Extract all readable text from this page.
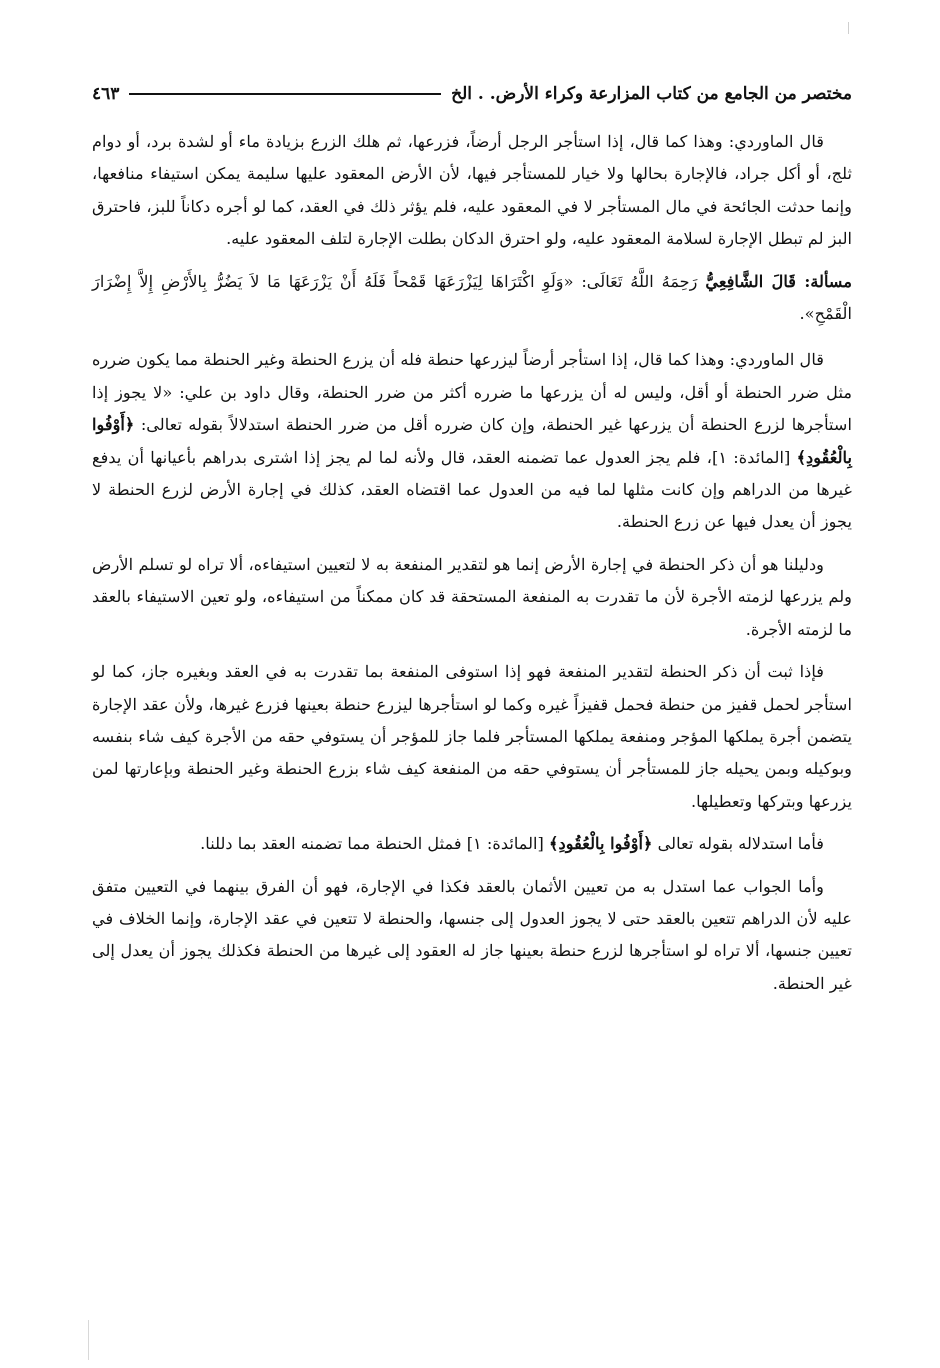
مختصر من الجامع من كتاب المزارعة وكراء الأرض. . الخ
٤٦٣

قال الماوردي: وهذا كما قال، إذا استأجر الرجل أرضاً، فزرعها، ثم هلك الزرع بزيادة ماء أو لشدة برد، أو دوام ثلج، أو أكل جراد، فالإجارة بحالها ولا خيار للمستأجر فيها، لأن الأرض المعقود عليها سليمة يمكن استيفاء منافعها، وإنما حدثت الجائحة في مال المستأجر لا في المعقود عليه، فلم يؤثر ذلك في العقد، كما لو أجره دكاناً للبز، فاحترق البز لم تبطل الإجارة لسلامة المعقود عليه، ولو احترق الدكان بطلت الإجارة لتلف المعقود عليه.

مسألة: قَالَ الشَّافِعِيُّ رَحِمَهُ اللَّهُ تَعَالَى: «وَلَوِ اكْتَرَاهَا لِيَزْرَعَهَا قَمْحاً فَلَهُ أَنْ يَزْرَعَهَا مَا لاَ يَضُرُّ بِالأَرْضِ إِلاَّ إِضْرَارَ الْقَمْحِ».

قال الماوردي: وهذا كما قال، إذا استأجر أرضاً ليزرعها حنطة فله أن يزرع الحنطة وغير الحنطة مما يكون ضرره مثل ضرر الحنطة أو أقل، وليس له أن يزرعها ما ضرره أكثر من ضرر الحنطة، وقال داود بن علي: «لا يجوز إذا استأجرها لزرع الحنطة أن يزرعها غير الحنطة، وإن كان ضرره أقل من ضرر الحنطة استدلالاً بقوله تعالى: ﴿أَوْفُوا بِالْعُقُودِ﴾ [المائدة: ١]، فلم يجز العدول عما تضمنه العقد، قال ولأنه لما لم يجز إذا اشترى بدراهم بأعيانها أن يدفع غيرها من الدراهم وإن كانت مثلها لما فيه من العدول عما اقتضاه العقد، كذلك في إجارة الأرض لزرع الحنطة لا يجوز أن يعدل فيها عن زرع الحنطة.

ودليلنا هو أن ذكر الحنطة في إجارة الأرض إنما هو لتقدير المنفعة به لا لتعيين استيفاءه، ألا تراه لو تسلم الأرض ولم يزرعها لزمته الأجرة لأن ما تقدرت به المنفعة المستحقة قد كان ممكناً من استيفاءه، ولو تعين الاستيفاء بالعقد ما لزمته الأجرة.

فإذا ثبت أن ذكر الحنطة لتقدير المنفعة فهو إذا استوفى المنفعة بما تقدرت به في العقد وبغيره جاز، كما لو استأجر لحمل قفيز من حنطة فحمل قفيزاً غيره وكما لو استأجرها ليزرع حنطة بعينها فزرع غيرها، ولأن عقد الإجارة يتضمن أجرة يملكها المؤجر ومنفعة يملكها المستأجر فلما جاز للمؤجر أن يستوفي حقه من الأجرة كيف شاء بنفسه وبوكيله وبمن يحيله جاز للمستأجر أن يستوفي حقه من المنفعة كيف شاء بزرع الحنطة وغير الحنطة وبإعارتها لمن يزرعها وبتركها وتعطيلها.

فأما استدلاله بقوله تعالى ﴿أَوْفُوا بِالْعُقُودِ﴾ [المائدة: ١] فمثل الحنطة مما تضمنه العقد بما دللنا.

وأما الجواب عما استدل به من تعيين الأثمان بالعقد فكذا في الإجارة، فهو أن الفرق بينهما في التعيين متفق عليه لأن الدراهم تتعين بالعقد حتى لا يجوز العدول إلى جنسها، والحنطة لا تتعين في عقد الإجارة، وإنما الخلاف في تعيين جنسها، ألا تراه لو استأجرها لزرع حنطة بعينها جاز له العقود إلى غيرها من الحنطة فكذلك يجوز أن يعدل إلى غير الحنطة.
